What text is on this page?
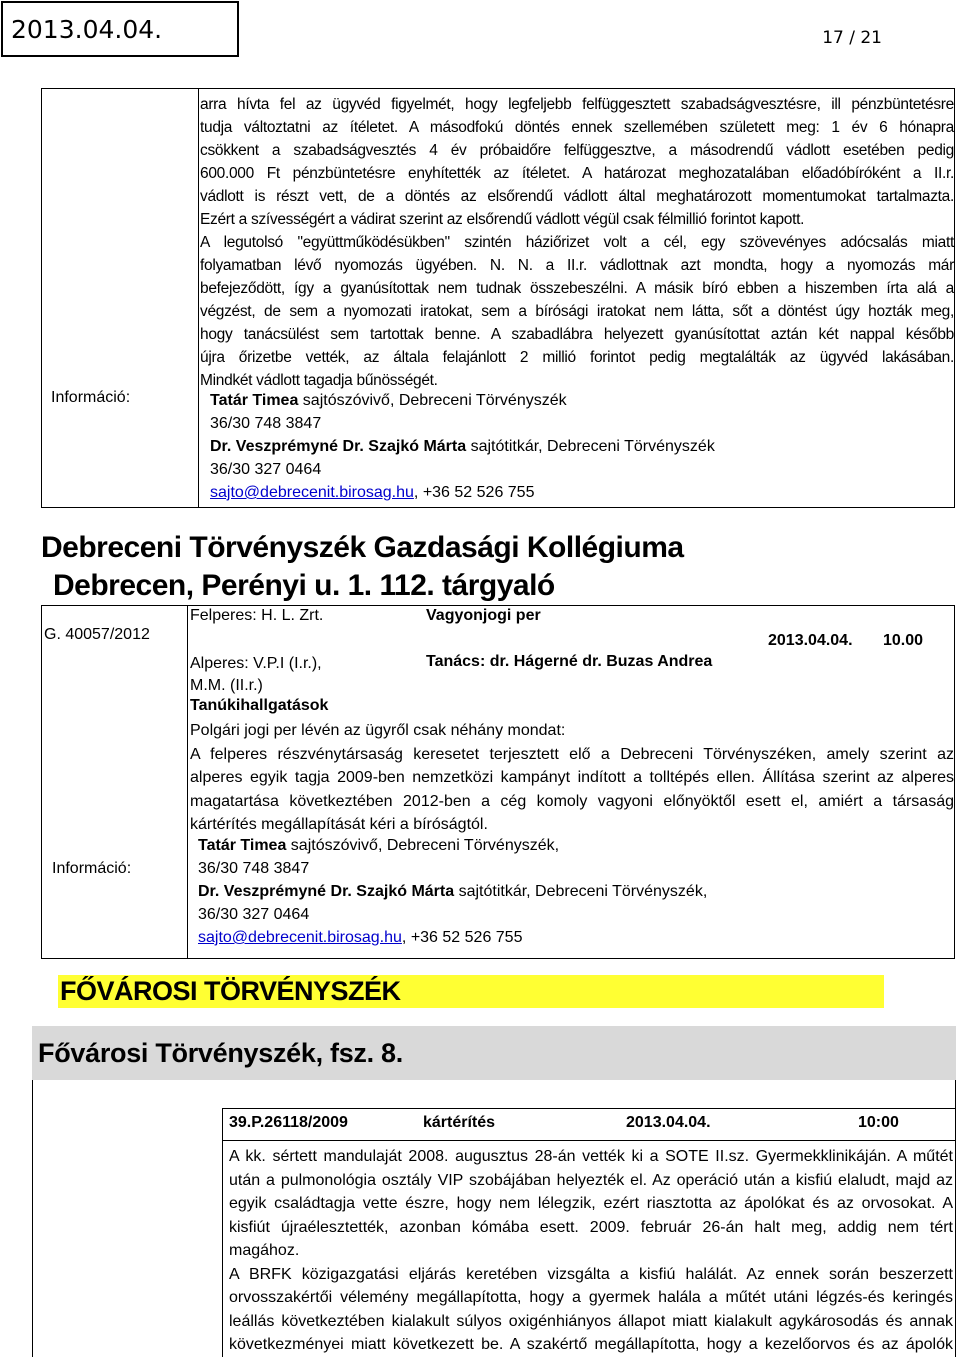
2013.04.04.	17 / 21
arra hívta fel az ügyvéd figyelmét, hogy legfeljebb felfüggesztett szabadságvesztésre, ill pénzbüntetésre
tudja változtatni az ítéletet. A másodfokú döntés ennek szellemében született meg: 1 év 6 hónapra
csökkent a szabadságvesztés 4 év próbaidőre felfüggesztve, a másodrendű vádlott esetében pedig
600.000 Ft pénzbüntetésre enyhítették az ítéletet. A határozat meghozatalában előadóbíróként a II.r.
vádlott is részt vett, de a döntés az elsőrendű vádlott által meghatározott momentumokat tartalmazta.
Ezért a szívességért a vádirat szerint az elsőrendű vádlott végül csak félmillió forintot kapott.
A legutolsó "együttműködésükben" szintén háziőrizet volt a cél, egy szövevényes adócsalás miatt
folyamatban lévő nyomozás ügyében. N. N. a II.r. vádlottnak azt mondta, hogy a nyomozás már
befejeződött, így a gyanúsítottak nem tudnak összebeszélni. A másik bíró ebben a hiszemben írta alá a
végzést, de sem a nyomozati iratokat, sem a bírósági iratokat nem látta, sőt a döntést úgy hozták meg,
hogy tanácsülést sem tartottak benne. A szabadlábra helyezett gyanúsítottat aztán két nappal később
újra őrizetbe vették, az általa felajánlott 2 millió forintot pedig megtalálták az ügyvéd lakásában.
Mindkét vádlott tagadja bűnösségét.
Információ:	Tatár Timea sajtószóvivő, Debreceni Törvényszék
36/30 748 3847
Dr. Veszprémyné Dr. Szajkó Márta sajtótitkár, Debreceni Törvényszék
36/30 327 0464
sajto@debrecenit.birosag.hu, +36 52 526 755
Debreceni Törvényszék Gazdasági Kollégiuma
Debrecen, Perényi u. 1. 112. tárgyaló
G. 40057/2012
Felperes: H. L. Zrt.	Vagyonjogi per
2013.04.04. 10.00
Alperes: V.P.I (I.r.),
M.M. (II.r.)
Tanács: dr. Hágerné dr. Buzas Andrea
Tanúkihallgatások
Polgári jogi per lévén az ügyről csak néhány mondat:
A felperes részvénytársaság keresetet terjesztett elő a Debreceni Törvényszéken, amely szerint az
alperes egyik tagja 2009-ben nemzetközi kampányt indított a tolltépés ellen. Állítása szerint az alperes
magatartása következtében 2012-ben a cég komoly vagyoni előnyöktől esett el, amiért a társaság
kártérítés megállapítását kéri a bíróságtól.
Információ:
Tatár Timea sajtószóvivő, Debreceni Törvényszék,
36/30 748 3847
Dr. Veszprémyné Dr. Szajkó Márta sajtótitkár, Debreceni Törvényszék,
36/30 327 0464
sajto@debrecenit.birosag.hu, +36 52 526 755
FŐVÁROSI TÖRVÉNYSZÉK
Fővárosi Törvényszék, fsz. 8.
39.P.26118/2009	kártérítés	2013.04.04.	10:00
A kk. sértett mandulaját 2008. augusztus 28-án vették ki a SOTE II.sz. Gyermekklinikáján. A műtét
után a pulmonológia osztály VIP szobájában helyezték el. Az operáció után a kisfiú elaludt, majd az
egyik családtagja vette észre, hogy nem lélegzik, ezért riasztotta az ápolókat és az orvosokat. A
kisfiút újraélesztették, azonban kómába esett. 2009. február 26-án halt meg, addig nem tért
magához.
A BRFK közigazgatási eljárás keretében vizsgálta a kisfiú halálát. Az ennek során beszerzett
orvosszakértői vélemény megállapította, hogy a gyermek halála a műtét utáni légzés-és keringés
leállás következtében kialakult súlyos oxigénhiányos állapot miatt kialakult agykárosodás és annak
következményei miatt következett be. A szakértő megállapította, hogy a kezelőorvos és az ápolók
